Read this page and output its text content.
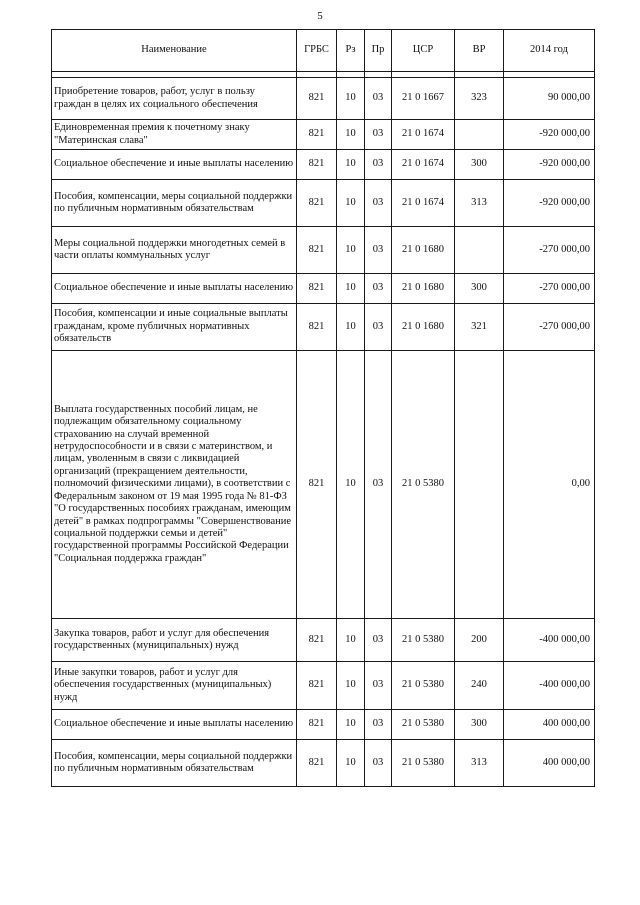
5
Наименование	ГРБС	Рз	Пр	ЦСР	ВР	2014 год

Приобретение товаров, работ, услуг в пользу граждан в целях их социального обеспечения	821	10	03	21 0 1667	323	90 000,00
Единовременная премия к почетному знаку "Материнская слава"	821	10	03	21 0 1674		-920 000,00
Социальное обеспечение и иные выплаты населению	821	10	03	21 0 1674	300	-920 000,00
Пособия, компенсации, меры социальной поддержки по публичным нормативным обязательствам	821	10	03	21 0 1674	313	-920 000,00
Меры социальной поддержки многодетных семей в части оплаты коммунальных услуг	821	10	03	21 0 1680		-270 000,00
Социальное обеспечение и иные выплаты населению	821	10	03	21 0 1680	300	-270 000,00
Пособия, компенсации и иные социальные выплаты гражданам, кроме публичных нормативных обязательств	821	10	03	21 0 1680	321	-270 000,00
Выплата государственных пособий лицам, не подлежащим обязательному социальному страхованию на случай временной нетрудоспособности и в связи с материнством, и лицам, уволенным в связи с ликвидацией организаций (прекращением деятельности, полномочий физическими лицами), в соответствии с Федеральным законом от 19 мая 1995 года № 81-ФЗ "О государственных пособиях гражданам, имеющим детей" в рамках подпрограммы "Совершенствование социальной поддержки семьи и детей" государственной программы Российской Федерации "Социальная поддержка граждан"	821	10	03	21 0 5380		0,00
Закупка товаров, работ и услуг для обеспечения государственных (муниципальных) нужд	821	10	03	21 0 5380	200	-400 000,00
Иные закупки товаров, работ и услуг для обеспечения государственных (муниципальных) нужд	821	10	03	21 0 5380	240	-400 000,00
Социальное обеспечение и иные выплаты населению	821	10	03	21 0 5380	300	400 000,00
Пособия, компенсации, меры социальной поддержки по публичным нормативным обязательствам	821	10	03	21 0 5380	313	400 000,00
